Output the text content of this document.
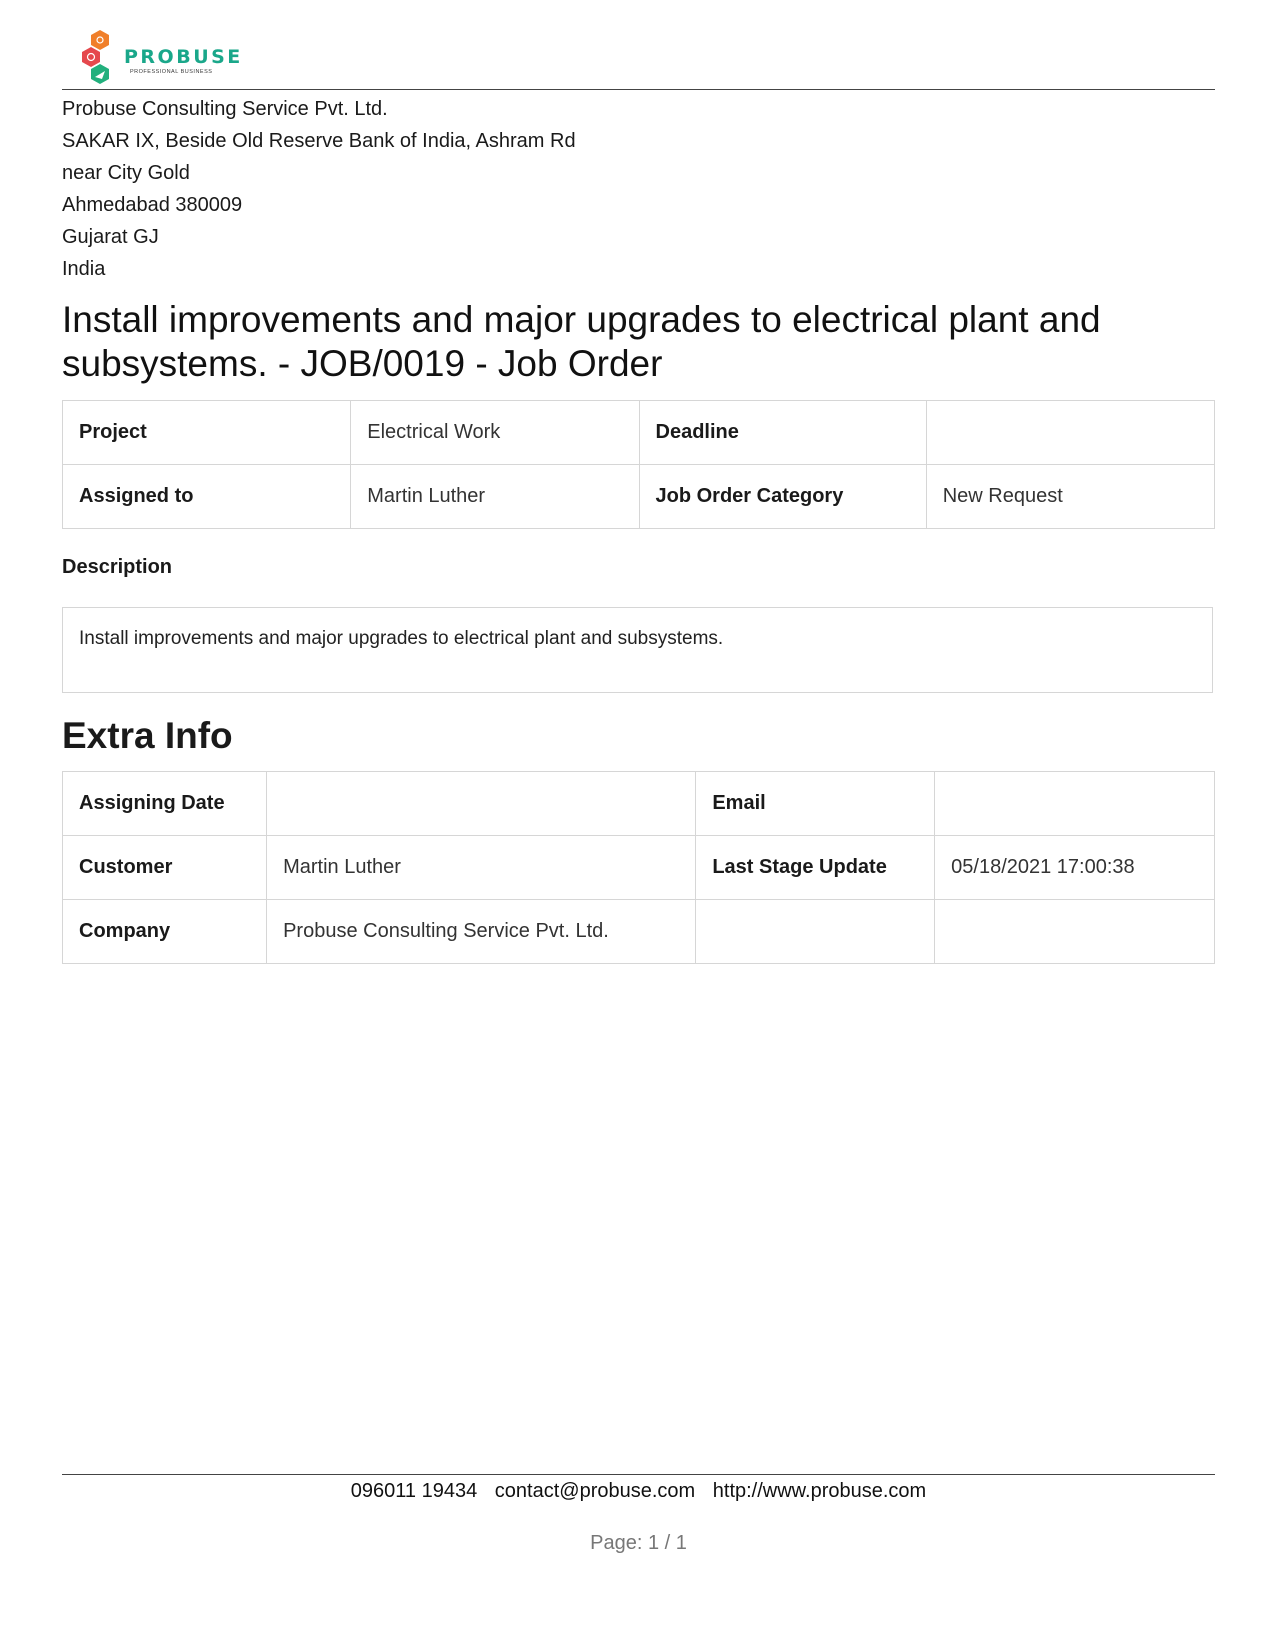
PROBUSE
PROFESSIONAL BUSINESS
Probuse Consulting Service Pvt. Ltd.
SAKAR IX, Beside Old Reserve Bank of India, Ashram Rd
near City Gold
Ahmedabad 380009
Gujarat GJ
India
Install improvements and major upgrades to electrical plant and subsystems. - JOB/0019 - Job Order
Project	Electrical Work	Deadline	
Assigned to	Martin Luther	Job Order Category	New Request
Description
Install improvements and major upgrades to electrical plant and subsystems.
Extra Info
Assigning Date		Email	
Customer	Martin Luther	Last Stage Update	05/18/2021 17:00:38
Company	Probuse Consulting Service Pvt. Ltd.		
096011 19434 contact@probuse.com http://www.probuse.com
Page: 1 / 1
